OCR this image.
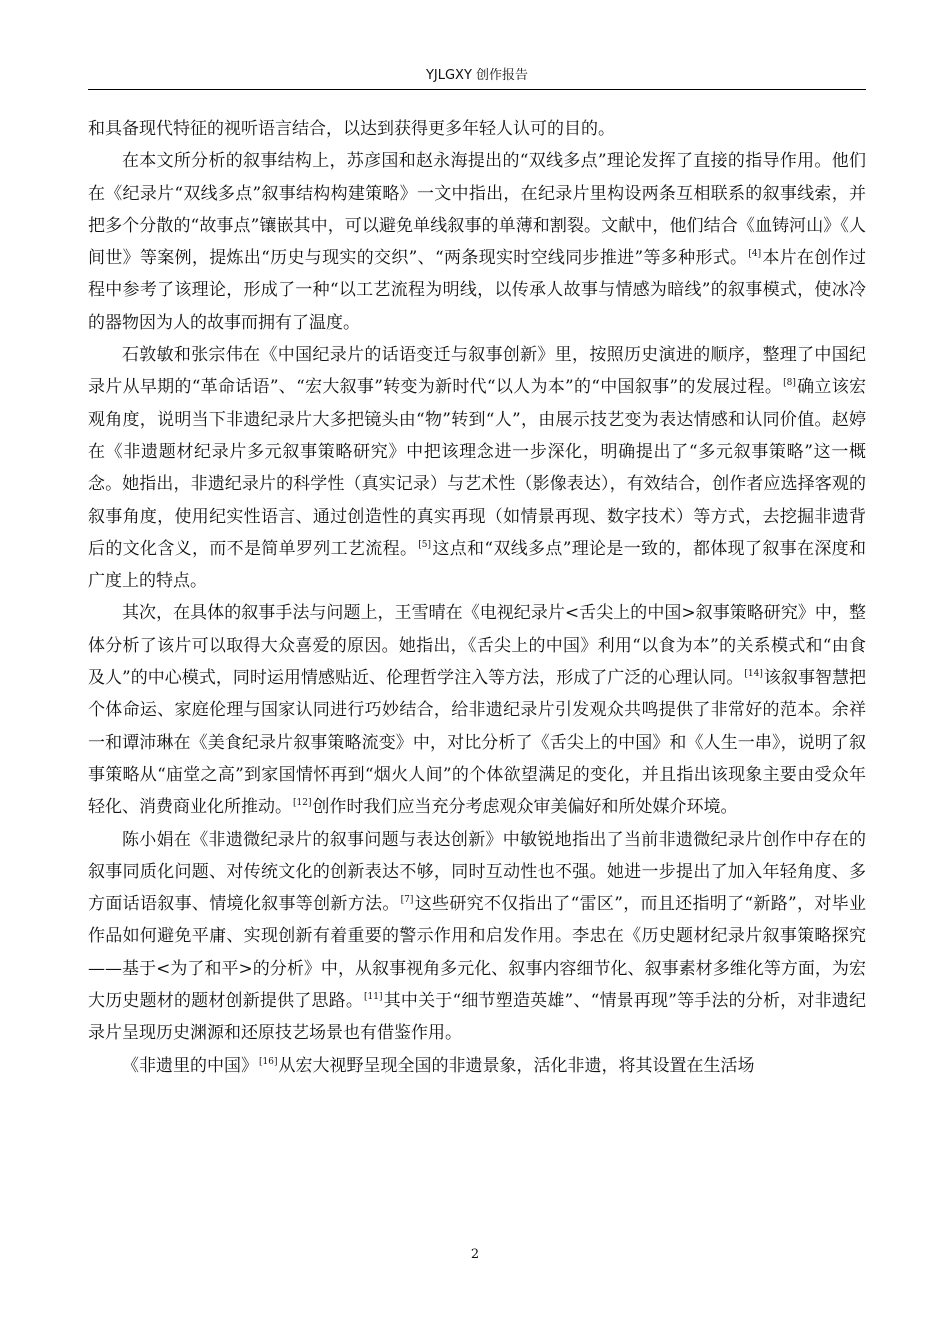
YJLGXY 创作报告

和具备现代特征的视听语言结合，以达到获得更多年轻人认可的目的。

在本文所分析的叙事结构上，苏彦国和赵永海提出的“双线多点”理论发挥了直接的指导作用。他们在《纪录片“双线多点”叙事结构构建策略》一文中指出，在纪录片里构设两条互相联系的叙事线索，并把多个分散的“故事点”镶嵌其中，可以避免单线叙事的单薄和割裂。文献中，他们结合《血铸河山》《人间世》等案例，提炼出“历史与现实的交织”、“两条现实时空线同步推进”等多种形式。[4]本片在创作过程中参考了该理论，形成了一种“以工艺流程为明线，以传承人故事与情感为暗线”的叙事模式，使冰冷的器物因为人的故事而拥有了温度。

石敦敏和张宗伟在《中国纪录片的话语变迁与叙事创新》里，按照历史演进的顺序，整理了中国纪录片从早期的“革命话语”、“宏大叙事”转变为新时代“以人为本”的“中国叙事”的发展过程。[8]确立该宏观角度，说明当下非遗纪录片大多把镜头由“物”转到“人”，由展示技艺变为表达情感和认同价值。赵婷在《非遗题材纪录片多元叙事策略研究》中把该理念进一步深化，明确提出了“多元叙事策略”这一概念。她指出，非遗纪录片的科学性（真实记录）与艺术性（影像表达），有效结合，创作者应选择客观的叙事角度，使用纪实性语言、通过创造性的真实再现（如情景再现、数字技术）等方式，去挖掘非遗背后的文化含义，而不是简单罗列工艺流程。[5]这点和“双线多点”理论是一致的，都体现了叙事在深度和广度上的特点。

其次，在具体的叙事手法与问题上，王雪晴在《电视纪录片<舌尖上的中国>叙事策略研究》中，整体分析了该片可以取得大众喜爱的原因。她指出，《舌尖上的中国》利用“以食为本”的关系模式和“由食及人”的中心模式，同时运用情感贴近、伦理哲学注入等方法，形成了广泛的心理认同。[14]该叙事智慧把个体命运、家庭伦理与国家认同进行巧妙结合，给非遗纪录片引发观众共鸣提供了非常好的范本。余祥一和谭沛琳在《美食纪录片叙事策略流变》中，对比分析了《舌尖上的中国》和《人生一串》，说明了叙事策略从“庙堂之高”到家国情怀再到“烟火人间”的个体欲望满足的变化，并且指出该现象主要由受众年轻化、消费商业化所推动。[12]创作时我们应当充分考虑观众审美偏好和所处媒介环境。

陈小娟在《非遗微纪录片的叙事问题与表达创新》中敏锐地指出了当前非遗微纪录片创作中存在的叙事同质化问题、对传统文化的创新表达不够，同时互动性也不强。她进一步提出了加入年轻角度、多方面话语叙事、情境化叙事等创新方法。[7]这些研究不仅指出了“雷区”，而且还指明了“新路”，对毕业作品如何避免平庸、实现创新有着重要的警示作用和启发作用。李忠在《历史题材纪录片叙事策略探究——基于<为了和平>的分析》中，从叙事视角多元化、叙事内容细节化、叙事素材多维化等方面，为宏大历史题材的题材创新提供了思路。[11]其中关于“细节塑造英雄”、“情景再现”等手法的分析，对非遗纪录片呈现历史渊源和还原技艺场景也有借鉴作用。

《非遗里的中国》[16]从宏大视野呈现全国的非遗景象，活化非遗，将其设置在生活场

2
